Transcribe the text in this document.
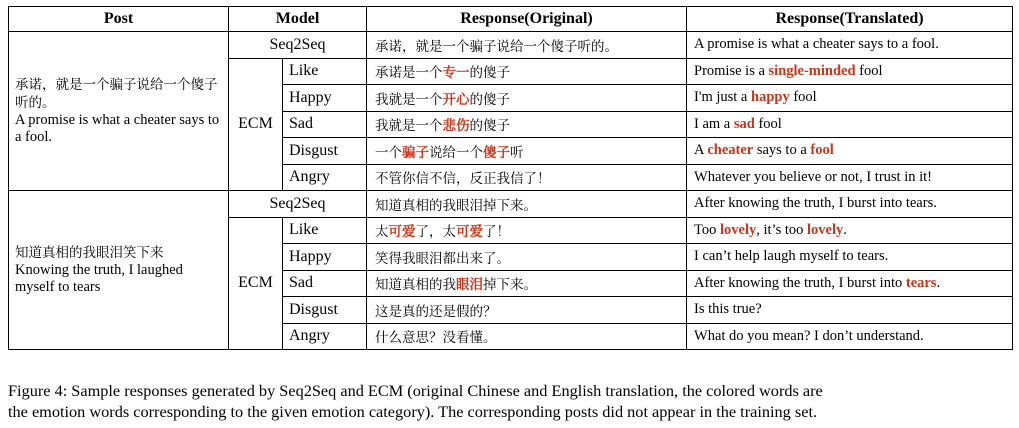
Post	Model		Response(Original)	Response(Translated)

承诺，就是一个骗子说给一个傻子听的。
A promise is what a cheater says to a fool.	Seq2Seq		承诺，就是一个骗子说给一个傻子听的。	A promise is what a cheater says to a fool.
	ECM	Like	承诺是一个专一的傻子	Promise is a single-minded fool
		Happy	我就是一个开心的傻子	I'm just a happy fool
		Sad	我就是一个悲伤的傻子	I am a sad fool
		Disgust	一个骗子说给一个傻子听	A cheater says to a fool
		Angry	不管你信不信，反正我信了！	Whatever you believe or not, I trust in it!

知道真相的我眼泪笑下来
Knowing the truth, I laughed myself to tears	Seq2Seq		知道真相的我眼泪掉下来。	After knowing the truth, I burst into tears.
	ECM	Like	太可爱了，太可爱了！	Too lovely, it’s too lovely.
		Happy	笑得我眼泪都出来了。	I can’t help laugh myself to tears.
		Sad	知道真相的我眼泪掉下来。	After knowing the truth, I burst into tears.
		Disgust	这是真的还是假的？	Is this true?
		Angry	什么意思？没看懂。	What do you mean? I don’t understand.
Figure 4: Sample responses generated by Seq2Seq and ECM (original Chinese and English translation, the colored words are
the emotion words corresponding to the given emotion category). The corresponding posts did not appear in the training set.
